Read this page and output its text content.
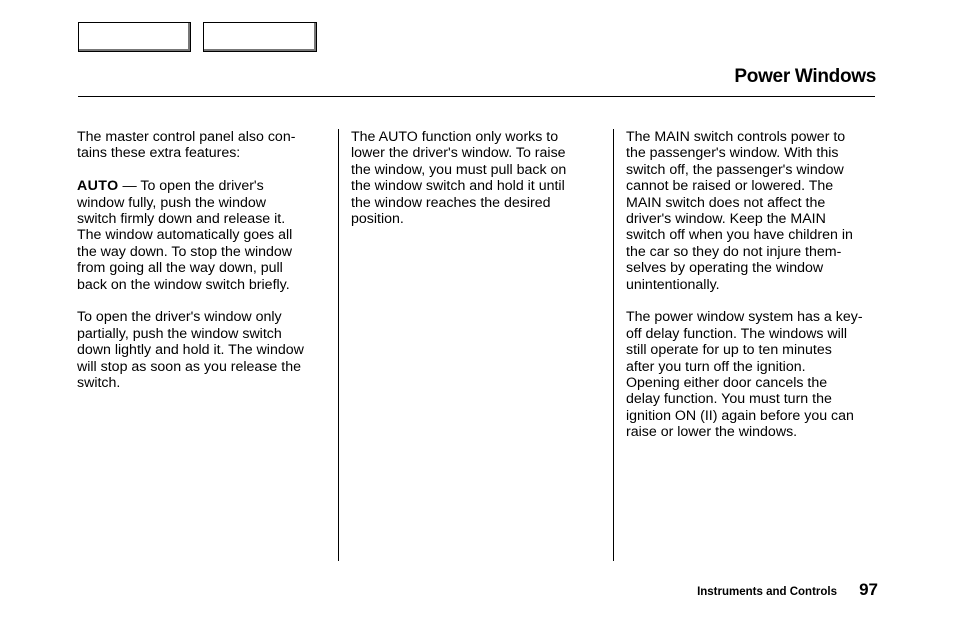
Power Windows

The master control panel also con-
tains these extra features:

AUTO — To open the driver's
window fully, push the window
switch firmly down and release it.
The window automatically goes all
the way down. To stop the window
from going all the way down, pull
back on the window switch briefly.

To open the driver's window only
partially, push the window switch
down lightly and hold it. The window
will stop as soon as you release the
switch.

The AUTO function only works to
lower the driver's window. To raise
the window, you must pull back on
the window switch and hold it until
the window reaches the desired
position.

The MAIN switch controls power to
the passenger's window. With this
switch off, the passenger's window
cannot be raised or lowered. The
MAIN switch does not affect the
driver's window. Keep the MAIN
switch off when you have children in
the car so they do not injure them-
selves by operating the window
unintentionally.

The power window system has a key-
off delay function. The windows will
still operate for up to ten minutes
after you turn off the ignition.
Opening either door cancels the
delay function. You must turn the
ignition ON (II) again before you can
raise or lower the windows.

Instruments and Controls 97
